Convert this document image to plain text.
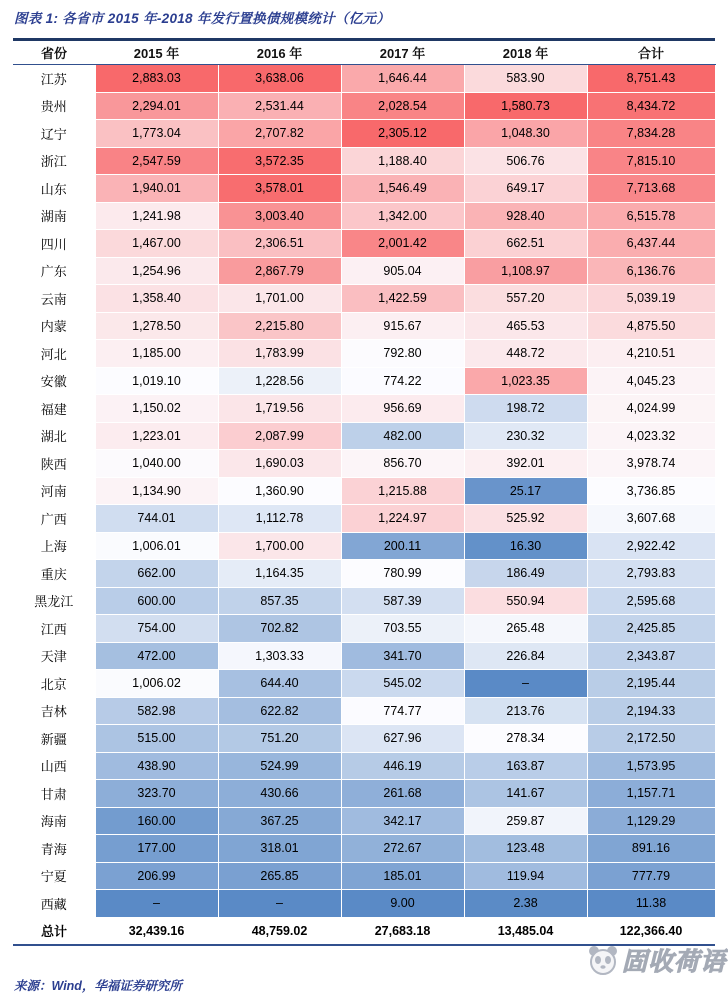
图表 1: 各省市 2015 年-2018 年发行置换债规模统计（亿元）
省份	2015 年	2016 年	2017 年	2018 年	合计
江苏	2,883.03	3,638.06	1,646.44	583.90	8,751.43
贵州	2,294.01	2,531.44	2,028.54	1,580.73	8,434.72
辽宁	1,773.04	2,707.82	2,305.12	1,048.30	7,834.28
浙江	2,547.59	3,572.35	1,188.40	506.76	7,815.10
山东	1,940.01	3,578.01	1,546.49	649.17	7,713.68
湖南	1,241.98	3,003.40	1,342.00	928.40	6,515.78
四川	1,467.00	2,306.51	2,001.42	662.51	6,437.44
广东	1,254.96	2,867.79	905.04	1,108.97	6,136.76
云南	1,358.40	1,701.00	1,422.59	557.20	5,039.19
内蒙	1,278.50	2,215.80	915.67	465.53	4,875.50
河北	1,185.00	1,783.99	792.80	448.72	4,210.51
安徽	1,019.10	1,228.56	774.22	1,023.35	4,045.23
福建	1,150.02	1,719.56	956.69	198.72	4,024.99
湖北	1,223.01	2,087.99	482.00	230.32	4,023.32
陕西	1,040.00	1,690.03	856.70	392.01	3,978.74
河南	1,134.90	1,360.90	1,215.88	25.17	3,736.85
广西	744.01	1,112.78	1,224.97	525.92	3,607.68
上海	1,006.01	1,700.00	200.11	16.30	2,922.42
重庆	662.00	1,164.35	780.99	186.49	2,793.83
黑龙江	600.00	857.35	587.39	550.94	2,595.68
江西	754.00	702.82	703.55	265.48	2,425.85
天津	472.00	1,303.33	341.70	226.84	2,343.87
北京	1,006.02	644.40	545.02	–	2,195.44
吉林	582.98	622.82	774.77	213.76	2,194.33
新疆	515.00	751.20	627.96	278.34	2,172.50
山西	438.90	524.99	446.19	163.87	1,573.95
甘肃	323.70	430.66	261.68	141.67	1,157.71
海南	160.00	367.25	342.17	259.87	1,129.29
青海	177.00	318.01	272.67	123.48	891.16
宁夏	206.99	265.85	185.01	119.94	777.79
西藏	–	–	9.00	2.38	11.38
总计	32,439.16	48,759.02	27,683.18	13,485.04	122,366.40
来源：Wind，华福证券研究所
固收荷语
